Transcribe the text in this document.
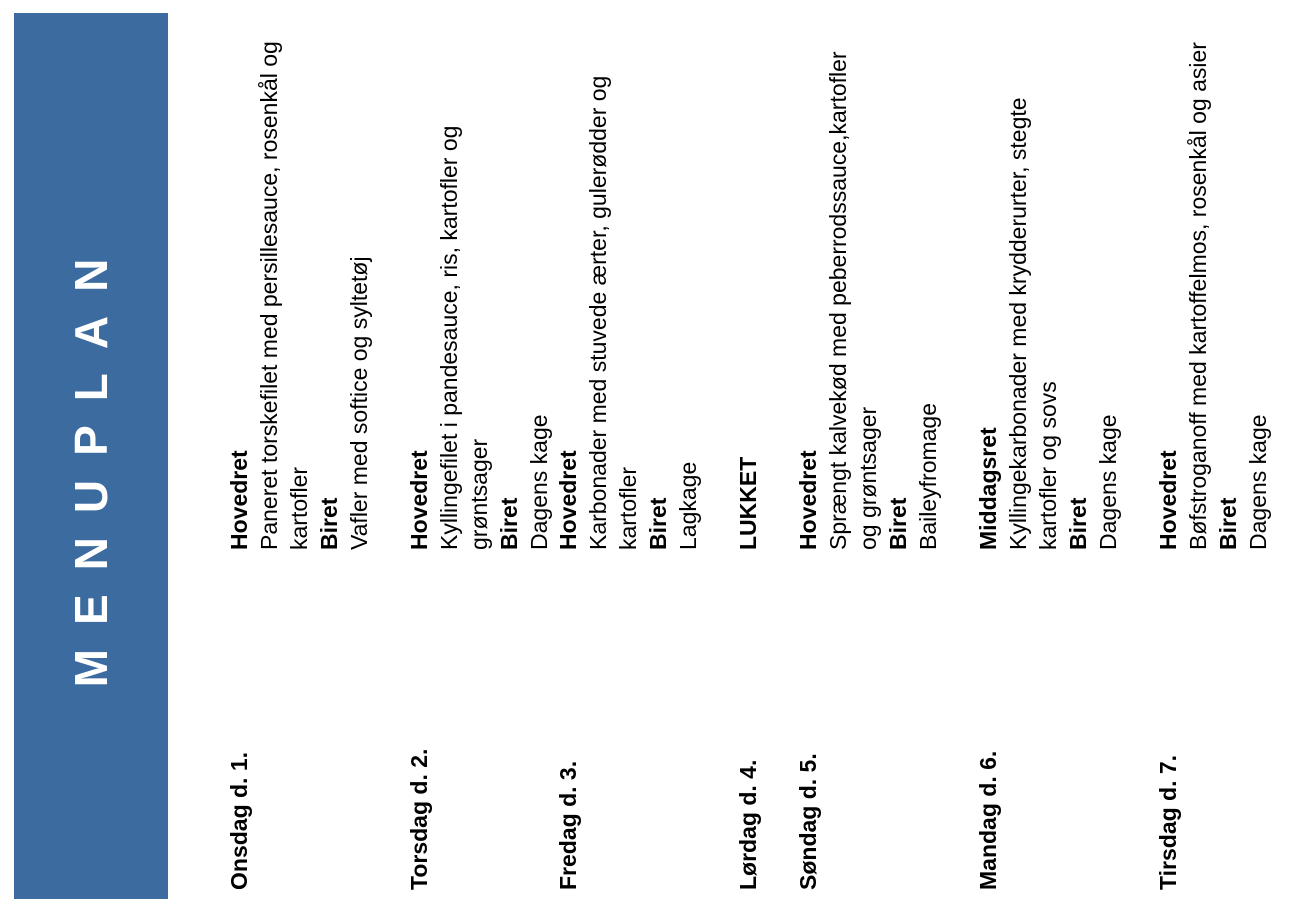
MENUPLAN
Onsdag d. 1.
Hovedret Paneret torskefilet med persillesauce, rosenkål og kartofler Biret Vafler med softice og syltetøj
Torsdag d. 2.
Hovedret Kyllingefilet i pandesauce, ris, kartofler og grøntsager Biret Dagens kage
Fredag d. 3.
Hovedret Karbonader med stuvede ærter, gulerødder og kartofler Biret Lagkage
Lørdag d. 4.
LUKKET
Søndag d. 5.
Hovedret Sprængt kalvekød med peberrodssauce,kartofler og grøntsager Biret Baileyfromage
Mandag d. 6.
Middagsret Kyllingekarbonader med krydderurter, stegte kartofler og sovs Biret Dagens kage
Tirsdag d. 7.
Hovedret Bøfstroganoff med kartoffelmos, rosenkål og asier Biret Dagens kage
